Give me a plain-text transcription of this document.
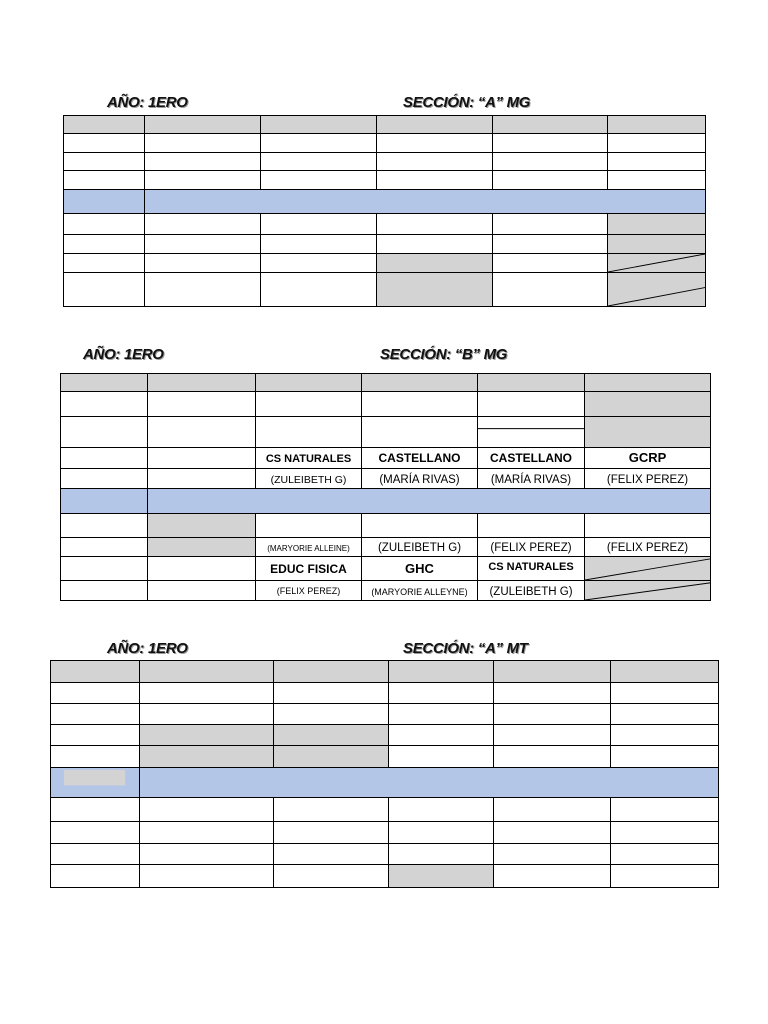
AÑO: 1ERO	SECCIÓN: “A” MG

AÑO: 1ERO	SECCIÓN: “B” MG

		CS NATURALES	CASTELLANO	CASTELLANO	GCRP
		(ZULEIBETH G)	(MARÍA RIVAS)	(MARÍA RIVAS)	(FELIX PEREZ)

		(MARYORIE ALLEINE)	(ZULEIBETH G)	(FELIX PEREZ)	(FELIX PEREZ)
		EDUC FISICA	GHC	CS NATURALES	

		(FELIX PEREZ)	(MARYORIE ALLEYNE)	(ZULEIBETH G)	
AÑO: 1ERO	SECCIÓN: “A” MT
